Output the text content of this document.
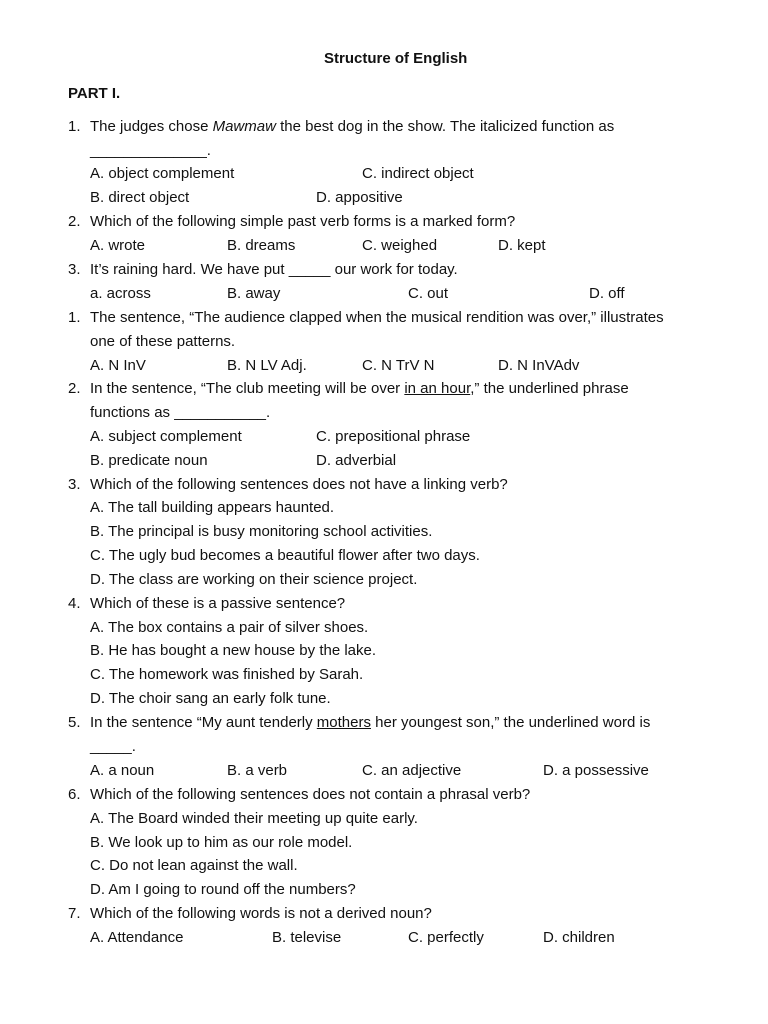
Structure of English
PART I.
1. The judges chose Mawmaw the best dog in the show. The italicized function as
______________.
A. object complement	C. indirect object
B. direct object	D. appositive
2. Which of the following simple past verb forms is a marked form?
A. wrote	B. dreams	C. weighed	D. kept
3. It’s raining hard. We have put _____ our work for today.
a. across	B. away	C. out	D. off
1. The sentence, “The audience clapped when the musical rendition was over,” illustrates
one of these patterns.
A. N InV	B. N LV Adj.	C. N TrV N	D. N InVAdv
2. In the sentence, “The club meeting will be over in an hour,” the underlined phrase
functions as ___________.
A. subject complement	C. prepositional phrase
B. predicate noun	D. adverbial
3. Which of the following sentences does not have a linking verb?
A. The tall building appears haunted.
B. The principal is busy monitoring school activities.
C. The ugly bud becomes a beautiful flower after two days.
D. The class are working on their science project.
4. Which of these is a passive sentence?
A. The box contains a pair of silver shoes.
B. He has bought a new house by the lake.
C. The homework was finished by Sarah.
D. The choir sang an early folk tune.
5. In the sentence “My aunt tenderly mothers her youngest son,” the underlined word is
_____.
A. a noun	B. a verb	C. an adjective	D. a possessive
6. Which of the following sentences does not contain a phrasal verb?
A. The Board winded their meeting up quite early.
B. We look up to him as our role model.
C. Do not lean against the wall.
D. Am I going to round off the numbers?
7. Which of the following words is not a derived noun?
A. Attendance	B. televise	C. perfectly	D. children
